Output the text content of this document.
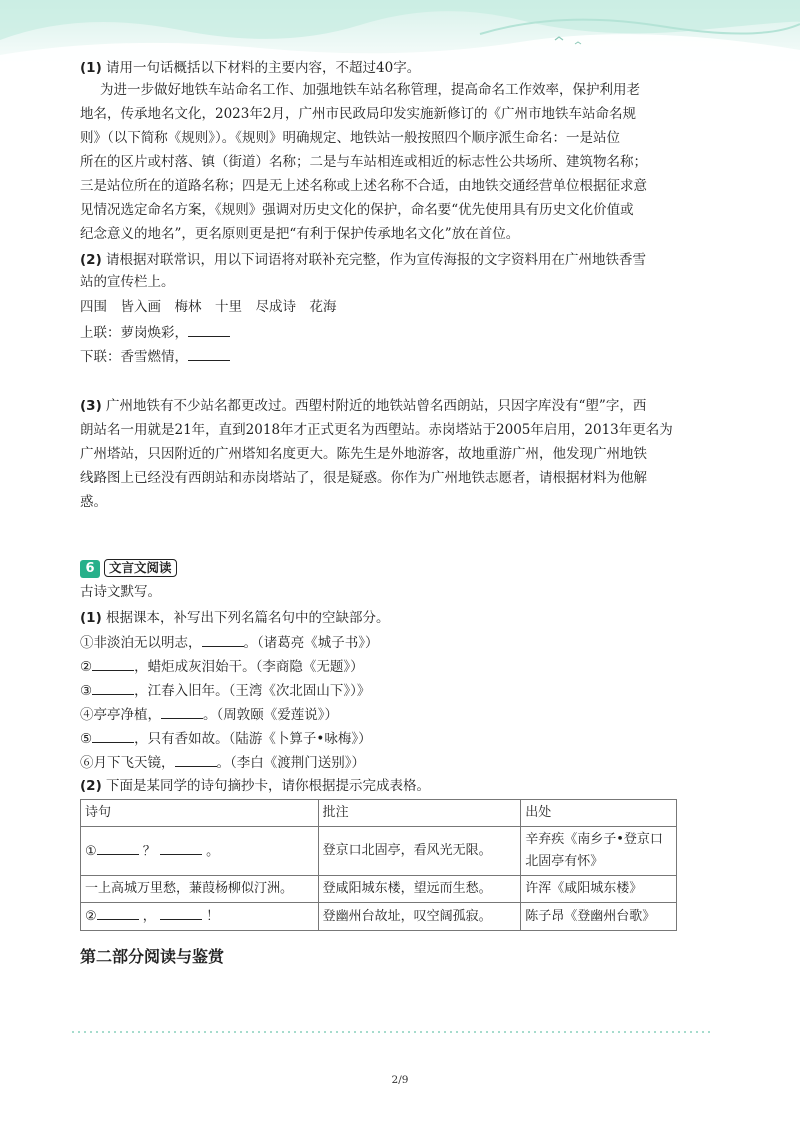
(1) 请用一句话概括以下材料的主要内容，不超过40字。
为进一步做好地铁车站命名工作、加强地铁车站名称管理，提高命名工作效率，保护利用老
地名，传承地名文化，2023年2月，广州市民政局印发实施新修订的《广州市地铁车站命名规
则》（以下简称《规则》）。《规则》明确规定、地铁站一般按照四个顺序派生命名：一是站位
所在的区片或村落、镇（街道）名称；二是与车站相连或相近的标志性公共场所、建筑物名称；
三是站位所在的道路名称；四是无上述名称或上述名称不合适，由地铁交通经营单位根据征求意
见情况选定命名方案，《规则》强调对历史文化的保护，命名要“优先使用具有历史文化价值或
纪念意义的地名”，更名原则更是把“有利于保护传承地名文化”放在首位。
(2) 请根据对联常识，用以下词语将对联补充完整，作为宣传海报的文字资料用在广州地铁香雪
站的宣传栏上。
四围　皆入画　梅林　十里　尽成诗　花海
上联：萝岗焕彩，
下联：香雪燃情，
(3) 广州地铁有不少站名都更改过。西塱村附近的地铁站曾名西朗站，只因字库没有“塱”字，西
朗站名一用就是21年，直到2018年才正式更名为西塱站。赤岗塔站于2005年启用，2013年更名为
广州塔站，只因附近的广州塔知名度更大。陈先生是外地游客，故地重游广州，他发现广州地铁
线路图上已经没有西朗站和赤岗塔站了，很是疑惑。你作为广州地铁志愿者，请根据材料为他解
惑。
6	文言文阅读
古诗文默写。
(1) 根据课本，补写出下列名篇名句中的空缺部分。
①非淡泊无以明志，	。（诸葛亮《城子书》）
②	，蜡炬成灰泪始干。（李商隐《无题》）
③	，江春入旧年。（王湾《次北固山下》）》
④亭亭净植，	。（周敦颐《爱莲说》）
⑤	，只有香如故。（陆游《卜算子•咏梅》）
⑥月下飞天镜，	。（李白《渡荆门送别》）
(2) 下面是某同学的诗句摘抄卡，请你根据提示完成表格。
诗句	批注	出处
① ？ 。	登京口北固亭，看风光无限。	辛弃疾《南乡子•登京口北固亭有怀》
一上高城万里愁，蒹葭杨柳似汀洲。	登咸阳城东楼，望远而生愁。	许浑《咸阳城东楼》
② ， ！	登幽州台故址，叹空阔孤寂。	陈子昂《登幽州台歌》
第二部分阅读与鉴赏
2/9
